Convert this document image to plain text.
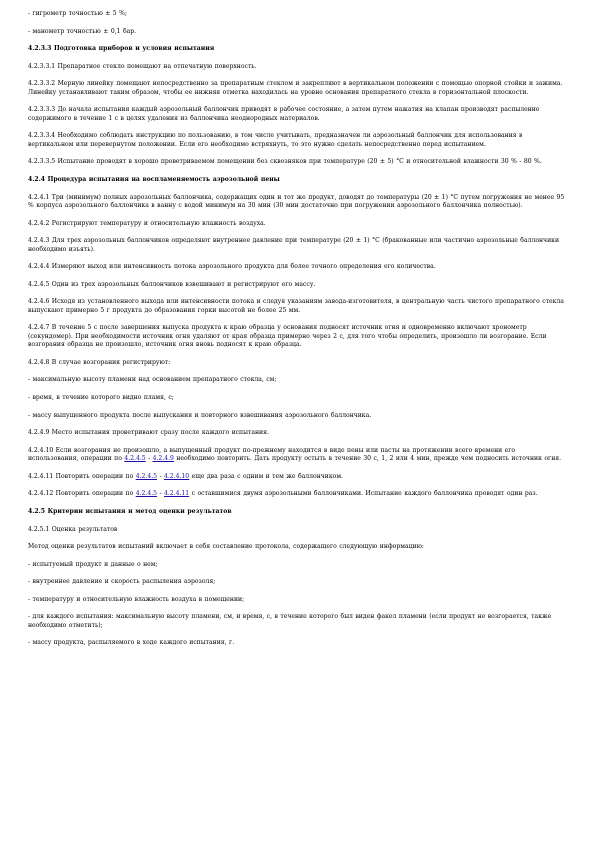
- гигрометр точностью ± 5 %;

- манометр точностью ± 0,1 бар.

4.2.3.3 Подготовка приборов и условия испытания

4.2.3.3.1 Препаратное стекло помещают на отпечатную поверхность.

4.2.3.3.2 Мерную линейку помещают непосредственно за препаратным стеклом и закрепляют в вертикальном положении с помощью опорной стойки и зажима. Линейку устанавливают таким образом, чтобы ее нижняя отметка находилась на уровне основания препаратного стекла в горизонтальной плоскости.

4.2.3.3.3 До начала испытания каждый аэрозольный баллончик приводят в рабочее состояние, а затем путем нажатия на клапан производят распыление содержимого в течение 1 с в целях удаления из баллончика неоднородных материалов.

4.2.3.3.4 Необходимо соблюдать инструкцию по пользованию, в том числе учитывать, предназначен ли аэрозольный баллончик для использования в вертикальном или перевернутом положении. Если его необходимо встряхнуть, то это нужно сделать непосредственно перед испытанием.

4.2.3.3.5 Испытание проводят в хорошо проветриваемом помещении без сквозняков при температуре (20 ± 5) °С и относительной влажности 30 % - 80 %.

4.2.4 Процедура испытания на воспламеняемость аэрозольной пены

4.2.4.1 Три (минимум) полных аэрозольных баллончика, содержащих один и тот же продукт, доводят до температуры (20 ± 1) °С путем погружения не менее 95 % корпуса аэрозольного баллончика в ванну с водой минимум на 30 мин (30 мин достаточно при погружении аэрозольного баллончика полностью).

4.2.4.2 Регистрируют температуру и относительную влажность воздуха.

4.2.4.3 Для трех аэрозольных баллончиков определяют внутреннее давление при температуре (20 ± 1) °С (бракованные или частично аэрозольные баллончики необходимо изъять).

4.2.4.4 Измеряют выход или интенсивность потока аэрозольного продукта для более точного определения его количества.

4.2.4.5 Один из трех аэрозольных баллончиков взвешивают и регистрируют его массу.

4.2.4.6 Исходя из установленного выхода или интенсивности потока и следуя указаниям завода-изготовителя, в центральную часть чистого препаратного стекла выпускают примерно 5 г продукта до образования горки высотой не более 25 мм.

4.2.4.7 В течение 5 с после завершения выпуска продукта к краю образца у основания подносят источник огня и одновременно включают хронометр (секундомер). При необходимости источник огня удаляют от края образца примерно через 2 с, для того чтобы определить, произошло ли возгорание. Если возгорания образца не произошло, источник огня вновь подносят к краю образца.

4.2.4.8 В случае возгорания регистрируют:

- максимальную высоту пламени над основанием препаратного стекла, см;

- время, в течение которого видно пламя, с;

- массу выпущенного продукта после выпускания и повторного взвешивания аэрозольного баллончика.

4.2.4.9 Место испытания проветривают сразу после каждого испытания.

4.2.4.10 Если возгорания не произошло, а выпущенный продукт по-прежнему находится в виде пены или пасты на протяжении всего времени его использования, операции по 4.2.4.5 - 4.2.4.9 необходимо повторить. Дать продукту остыть в течение 30 с, 1, 2 или 4 мин, прежде чем подносить источник огня.

4.2.4.11 Повторить операции по 4.2.4.5 - 4.2.4.10 еще два раза с одним и тем же баллончиком.

4.2.4.12 Повторить операции по 4.2.4.5 - 4.2.4.11 с оставшимися двумя аэрозольными баллончиками. Испытание каждого баллончика проводят один раз.

4.2.5 Критерии испытания и метод оценки результатов

4.2.5.1 Оценка результатов

Метод оценки результатов испытаний включает в себя составление протокола, содержащего следующую информацию:

- испытуемый продукт и данные о нем;

- внутреннее давление и скорость распыления аэрозоля;

- температуру и относительную влажность воздуха в помещении;

- для каждого испытания: максимальную высоту пламени, см, и время, с, в течение которого был виден факел пламени (если продукт не возгорается, также необходимо отметить);

- массу продукта, распыляемого в ходе каждого испытания, г.
